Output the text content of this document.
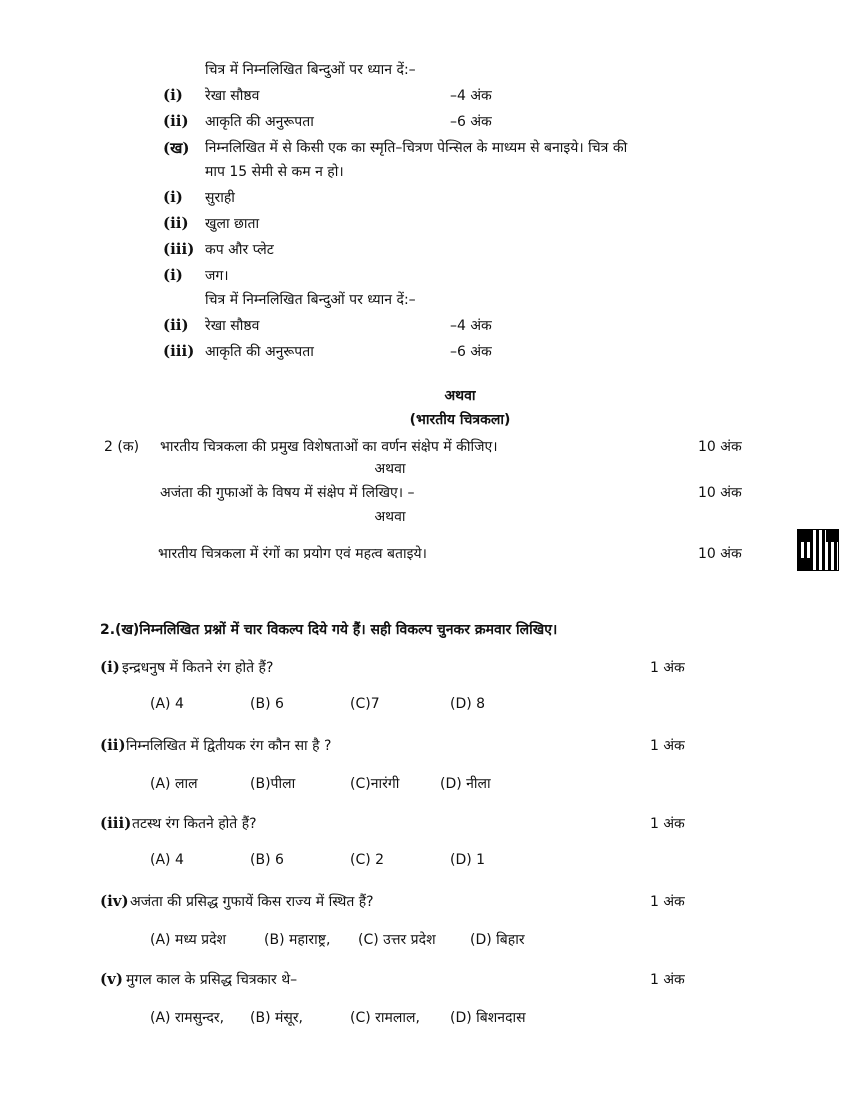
चित्र में निम्नलिखित बिन्दुओं पर ध्यान दें:–
(i) रेखा सौष्ठव	–4 अंक
(ii) आकृति की अनुरूपता	–6 अंक
(ख) निम्नलिखित में से किसी एक का स्मृति–चित्रण पेन्सिल के माध्यम से बनाइये। चित्र की
माप 15 सेमी से कम न हो।
(i) सुराही
(ii) खुला छाता
(iii) कप और प्लेट
(i) जग।
चित्र में निम्नलिखित बिन्दुओं पर ध्यान दें:–
(ii) रेखा सौष्ठव	–4 अंक
(iii) आकृति की अनुरूपता	–6 अंक
अथवा
(भारतीय चित्रकला)
2 (क) भारतीय चित्रकला की प्रमुख विशेषताओं का वर्णन संक्षेप में कीजिए।	10 अंक
अथवा
अजंता की गुफाओं के विषय में संक्षेप में लिखिए। –	10 अंक
अथवा
भारतीय चित्रकला में रंगों का प्रयोग एवं महत्व बताइये।	10 अंक
2.(ख)निम्नलिखित प्रश्नों में चार विकल्प दिये गये हैं। सही विकल्प चुनकर क्रमवार लिखिए।
(i) इन्द्रधनुष में कितने रंग होते हैं?	1 अंक
(A) 4	(B) 6	(C)7	(D) 8
(ii) निम्नलिखित में द्वितीयक रंग कौन सा है ?	1 अंक
(A) लाल	(B)पीला	(C)नारंगी	(D) नीला
(iii) तटस्थ रंग कितने होते हैं?	1 अंक
(A) 4	(B) 6	(C) 2	(D) 1
(iv) अजंता की प्रसिद्ध गुफायें किस राज्य में स्थित हैं?	1 अंक
(A) मध्य प्रदेश	(B) महाराष्ट्र, (C) उत्तर प्रदेश (D) बिहार
(v) मुगल काल के प्रसिद्ध चित्रकार थे–	1 अंक
(A) रामसुन्दर, (B) मंसूर,	(C) रामलाल, (D) बिशनदास
